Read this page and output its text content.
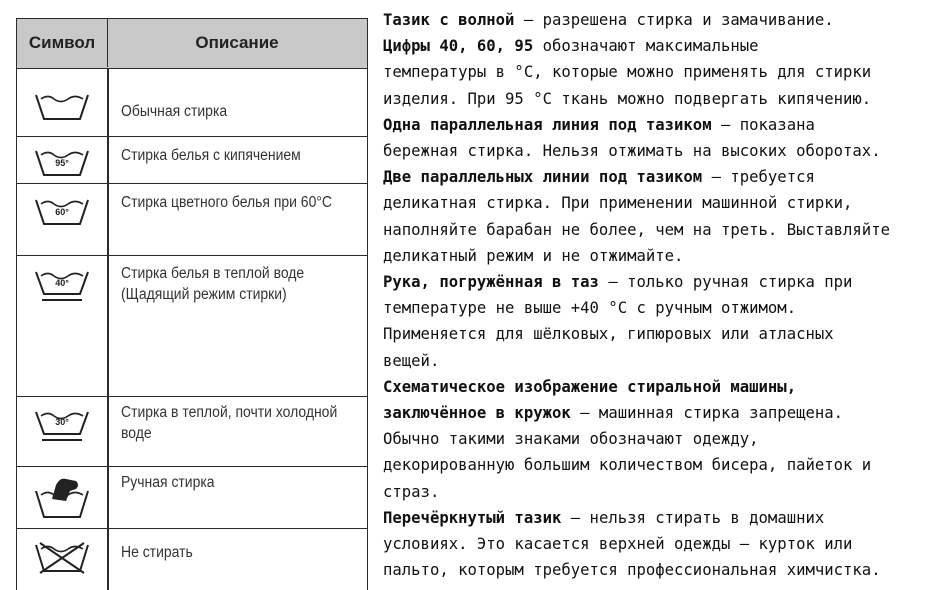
Символ	Описание
Обычная стирка
95°	Стирка белья с кипячением
60°
Стирка цветного белья при 60°C
40°
Стирка белья в теплой воде
(Щадящий режим стирки)
30°
Стирка в теплой, почти холодной
воде
Ручная стирка
Не стирать
Тазик с волной – разрешена стирка и замачивание.
Цифры 40, 60, 95 обозначают максимальные
температуры в °C, которые можно применять для стирки
изделия. При 95 °C ткань можно подвергать кипячению.
Одна параллельная линия под тазиком – показана
бережная стирка. Нельзя отжимать на высоких оборотах.
Две параллельных линии под тазиком — требуется
деликатная стирка. При применении машинной стирки,
наполняйте барабан не более, чем на треть. Выставляйте
деликатный режим и не отжимайте.
Рука, погружённая в таз – только ручная стирка при
температуре не выше +40 °C с ручным отжимом.
Применяется для шёлковых, гипюровых или атласных
вещей.
Схематическое изображение стиральной машины,
заключённое в кружок – машинная стирка запрещена.
Обычно такими знаками обозначают одежду,
декорированную большим количеством бисера, пайеток и
страз.
Перечёркнутый тазик — нельзя стирать в домашних
условиях. Это касается верхней одежды – курток или
пальто, которым требуется профессиональная химчистка.
